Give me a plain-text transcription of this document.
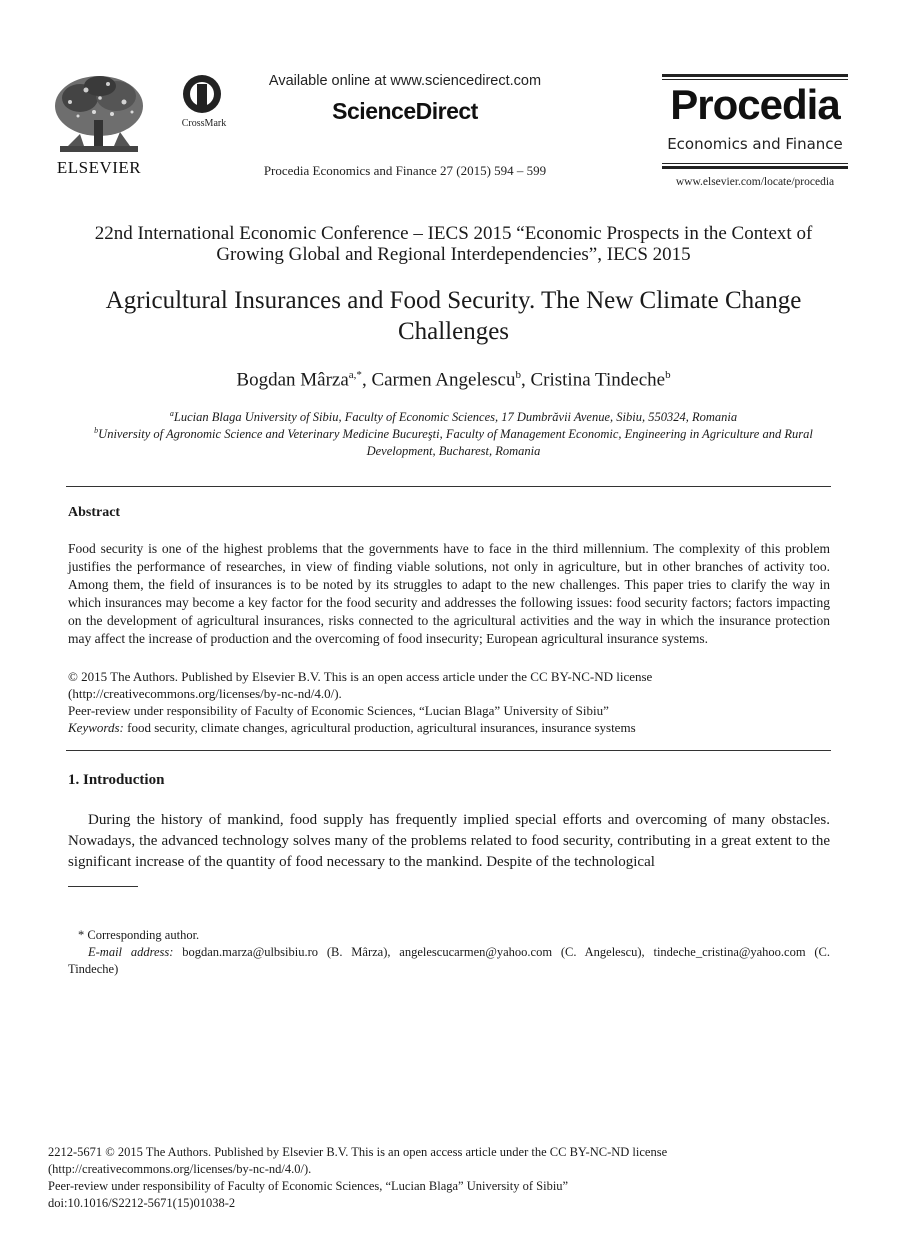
ELSEVIER
CrossMark
Available online at www.sciencedirect.com
ScienceDirect
Procedia Economics and Finance 27 (2015) 594 – 599
Procedia
Economics and Finance
www.elsevier.com/locate/procedia
22nd International Economic Conference – IECS 2015 “Economic Prospects in the Context of Growing Global and Regional Interdependencies”, IECS 2015
Agricultural Insurances and Food Security. The New Climate Change Challenges
Bogdan Mârza$^{a,*}$, Carmen Angelescu$^b$, Cristina Tindeche$^b$
$^a$Lucian Blaga University of Sibiu, Faculty of Economic Sciences, 17 Dumbrăvii Avenue, Sibiu, 550324, Romania
$^b$University of Agronomic Science and Veterinary Medicine Bucureşti, Faculty of Management Economic, Engineering in Agriculture and Rural Development, Bucharest, Romania
Abstract
Food security is one of the highest problems that the governments have to face in the third millennium. The complexity of this problem justifies the performance of researches, in view of finding viable solutions, not only in agriculture, but in other branches of activity too. Among them, the field of insurances is to be noted by its struggles to adapt to the new challenges. This paper tries to clarify the way in which insurances may become a key factor for the food security and addresses the following issues: food security factors; factors impacting on the development of agricultural insurances, risks connected to the agricultural activities and the way in which the insurance protection may affect the increase of production and the overcoming of food insecurity; European agricultural insurance systems.
© 2015 The Authors. Published by Elsevier B.V. This is an open access article under the CC BY-NC-ND license
(http://creativecommons.org/licenses/by-nc-nd/4.0/).
Peer-review under responsibility of Faculty of Economic Sciences, “Lucian Blaga” University of Sibiu”
Keywords: food security, climate changes, agricultural production, agricultural insurances, insurance systems
1. Introduction
During the history of mankind, food supply has frequently implied special efforts and overcoming of many obstacles. Nowadays, the advanced technology solves many of the problems related to food security, contributing in a great extent to the significant increase of the quantity of food necessary to the mankind. Despite of the technological
* Corresponding author.
E-mail address: bogdan.marza@ulbsibiu.ro (B. Mârza), angelescucarmen@yahoo.com (C. Angelescu), tindeche_cristina@yahoo.com (C. Tindeche)
2212-5671 © 2015 The Authors. Published by Elsevier B.V. This is an open access article under the CC BY-NC-ND license
(http://creativecommons.org/licenses/by-nc-nd/4.0/).
Peer-review under responsibility of Faculty of Economic Sciences, “Lucian Blaga” University of Sibiu”
doi:10.1016/S2212-5671(15)01038-2
